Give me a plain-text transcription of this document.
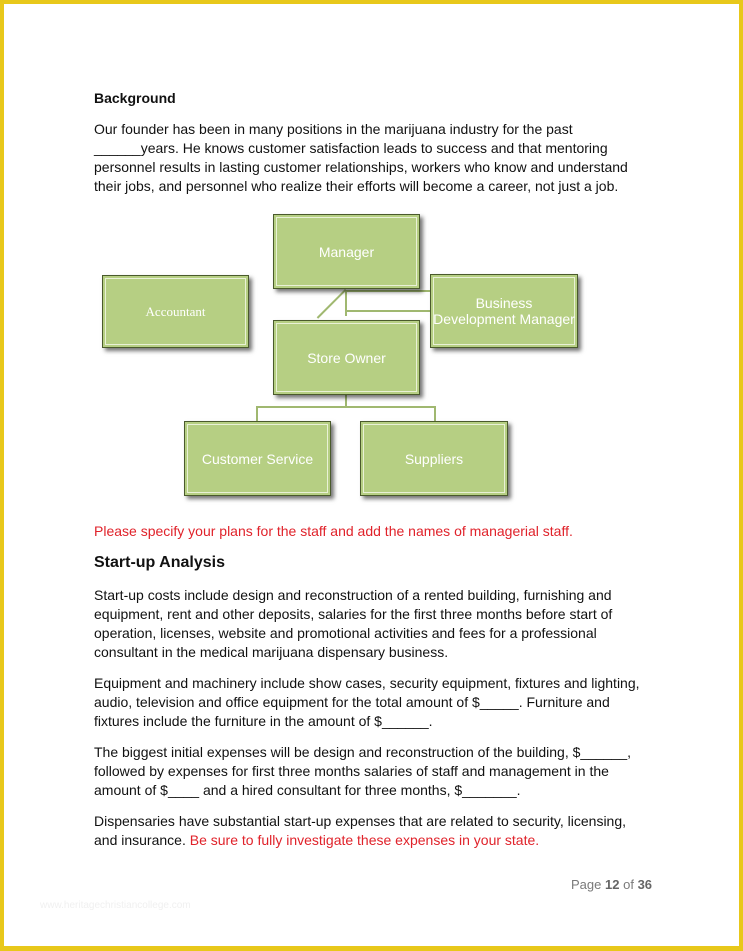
Background
Our founder has been in many positions in the marijuana industry for the past
______years. He knows customer satisfaction leads to success and that mentoring
personnel results in lasting customer relationships, workers who know and understand
their jobs, and personnel who realize their efforts will become a career, not just a job.
Manager
Accountant	Business
Development Manager
Store Owner
Customer Service	Suppliers
Please specify your plans for the staff and add the names of managerial staff.
Start-up Analysis
Start-up costs include design and reconstruction of a rented building, furnishing and
equipment, rent and other deposits, salaries for the first three months before start of
operation, licenses, website and promotional activities and fees for a professional
consultant in the medical marijuana dispensary business.
Equipment and machinery include show cases, security equipment, fixtures and lighting,
audio, television and office equipment for the total amount of $_____. Furniture and
fixtures include the furniture in the amount of $______.
The biggest initial expenses will be design and reconstruction of the building, $______,
followed by expenses for first three months salaries of staff and management in the
amount of $____ and a hired consultant for three months, $_______.
Dispensaries have substantial start-up expenses that are related to security, licensing,
and insurance. Be sure to fully investigate these expenses in your state.
Page 12 of 36
www.heritagechristiancollege.com
